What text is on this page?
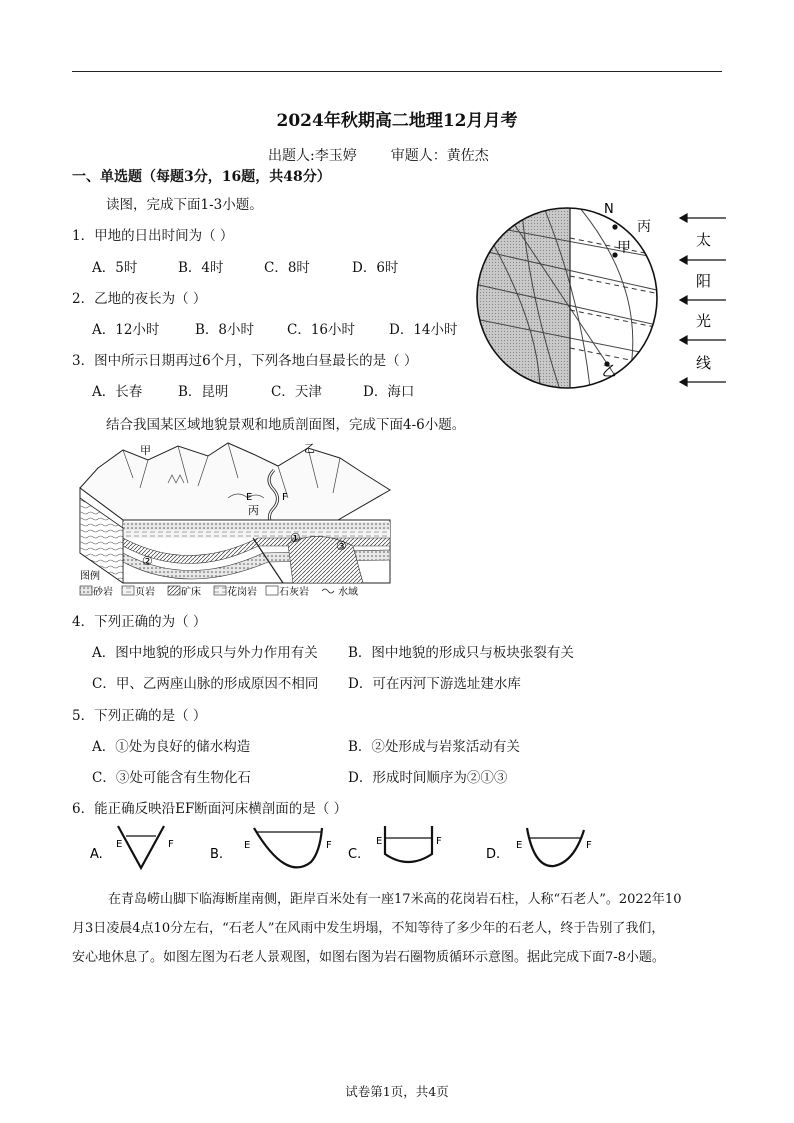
2024年秋期高二地理12月月考
出题人:李玉婷 审题人：黄佐杰
一、单选题（每题3分，16题，共48分）
读图，完成下面1-3小题。
1．甲地的日出时间为（ ）
A．5时	B．4时	C．8时	D．6时
2．乙地的夜长为（ ）
A．12小时	B．8小时 C．16小时	D．14小时
3．图中所示日期再过6个月，下列各地白昼最长的是（ ）
A．长春	B．昆明	C．天津	D．海口
N
丙
甲
乙
太
阳
光
线
结合我国某区域地貌景观和地质剖面图，完成下面4-6小题。
甲	乙
E	F
丙
①
②
③
图例
砂岩 页岩	矿床	花岗岩 石灰岩	水域
4．下列正确的为（ ）
A．图中地貌的形成只与外力作用有关 B．图中地貌的形成只与板块张裂有关
C．甲、乙两座山脉的形成原因不相同 D．可在丙河下游选址建水库
5．下列正确的是（ ）
A．①处为良好的储水构造	B．②处形成与岩浆活动有关
C．③处可能含有生物化石	D．形成时间顺序为②①③
6．能正确反映沿EF断面河床横剖面的是（ ）
A.	B.	C.	D.
E	F	E	F	E	F	E	F
在青岛崂山脚下临海断崖南侧，距岸百米处有一座17米高的花岗岩石柱，人称“石老人”。2022年10
月3日凌晨4点10分左右，“石老人”在风雨中发生坍塌，不知等待了多少年的石老人，终于告别了我们，
安心地休息了。如图左图为石老人景观图，如图右图为岩石圈物质循环示意图。据此完成下面7-8小题。
试卷第1页，共4页
